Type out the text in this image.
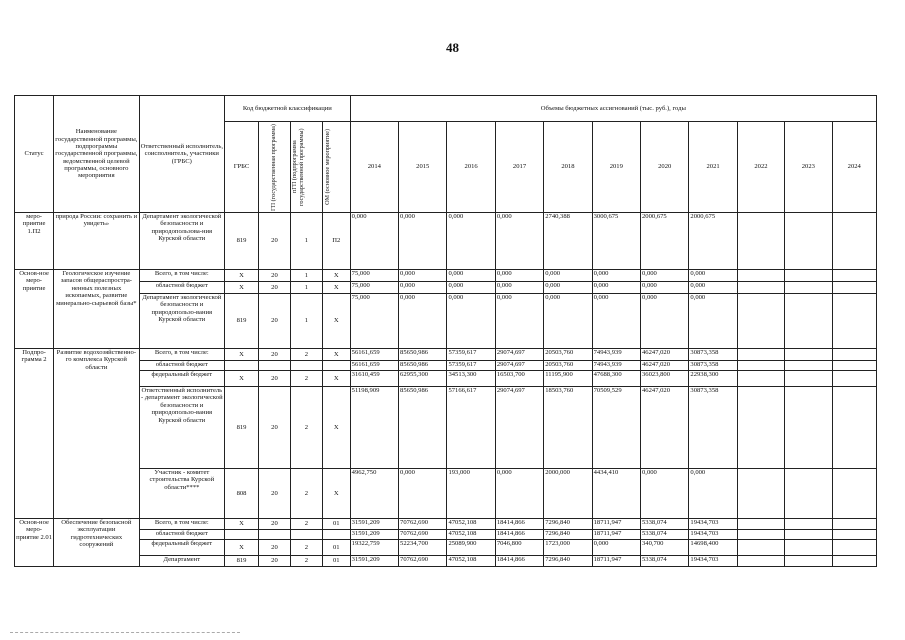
48
Статус	Наименование государственной программы, подпрограммы государственной программы, ведомственной целевой программы, основного мероприятия	Ответственный исполнитель, соисполнитель, участники (ГРБС)	Код бюджетной классификации				Объемы бюджетных ассигнований (тыс. руб.), годы										
			ГРБС	ГП (государственная программа)	пГП (подпрограмма государственной программы)	ОМ (основное мероприятие)	2014	2015	2016	2017	2018	2019	2020	2021	2022	2023	2024
меро-приятие 1.П2	природа России: сохранить и увидеть»	Департамент экологической безопасности и природопользова-ния Курской области	819	20	1	П2	0,000	0,000	0,000	0,000	2740,388	3000,675	2000,675	2000,675			
Основ-ное меро-приятие	Геологическое изучение запасов общераспростра-ненных полезных ископаемых, развитие минерально-сырьевой базы*	Всего, в том числе:	X	20	1	X	75,000	0,000	0,000	0,000	0,000	0,000	0,000	0,000			
		областной бюджет	X	20	1	X	75,000	0,000	0,000	0,000	0,000	0,000	0,000	0,000			
		Департамент экологической безопасности и природопользо-вания Курской области	819	20	1	X	75,000	0,000	0,000	0,000	0,000	0,000	0,000	0,000			
Подпро-грамма 2	Развитие водохозяйственно-го комплекса Курской области	Всего, в том числе:	X	20	2	X	56161,659	85650,986	57359,617	29074,697	20503,760	74943,939	46247,020	30873,358			
		областной бюджет					56161,659	85650,986	57359,617	29074,697	20503,760	74943,939	46247,020	30873,358			
		федеральный бюджет	X	20	2	X	31610,459	62955,300	34513,300	16503,700	11195,900	47688,300	36023,800	22938,300			
		Ответственный исполнитель - департамент экологической безопасности и природопользо-вания Курской области	819	20	2	X	51198,909	85650,986	57166,617	29074,697	18503,760	70509,529	46247,020	30873,358			
		Участник - комитет строительства Курской области****	808	20	2	X	4962,750	0,000	193,000	0,000	2000,000	4434,410	0,000	0,000			
Основ-ное меро-приятие 2.01	Обеспечение безопасной эксплуатации гидротехнических сооружений	Всего, в том числе:	X	20	2	01	31591,209	70762,690	47052,108	18414,866	7296,840	18711,947	5338,074	19434,703			
		областной бюджет					31591,209	70762,690	47052,108	18414,866	7296,840	18711,947	5338,074	19434,703			
		федеральный бюджет	X	20	2	01	19322,759	52234,700	25089,900	7046,800	1723,000	0,000	340,700	14698,400			
		Департамент	819	20	2	01	31591,209	70762,690	47052,108	18414,866	7296,840	18711,947	5338,074	19434,703			
